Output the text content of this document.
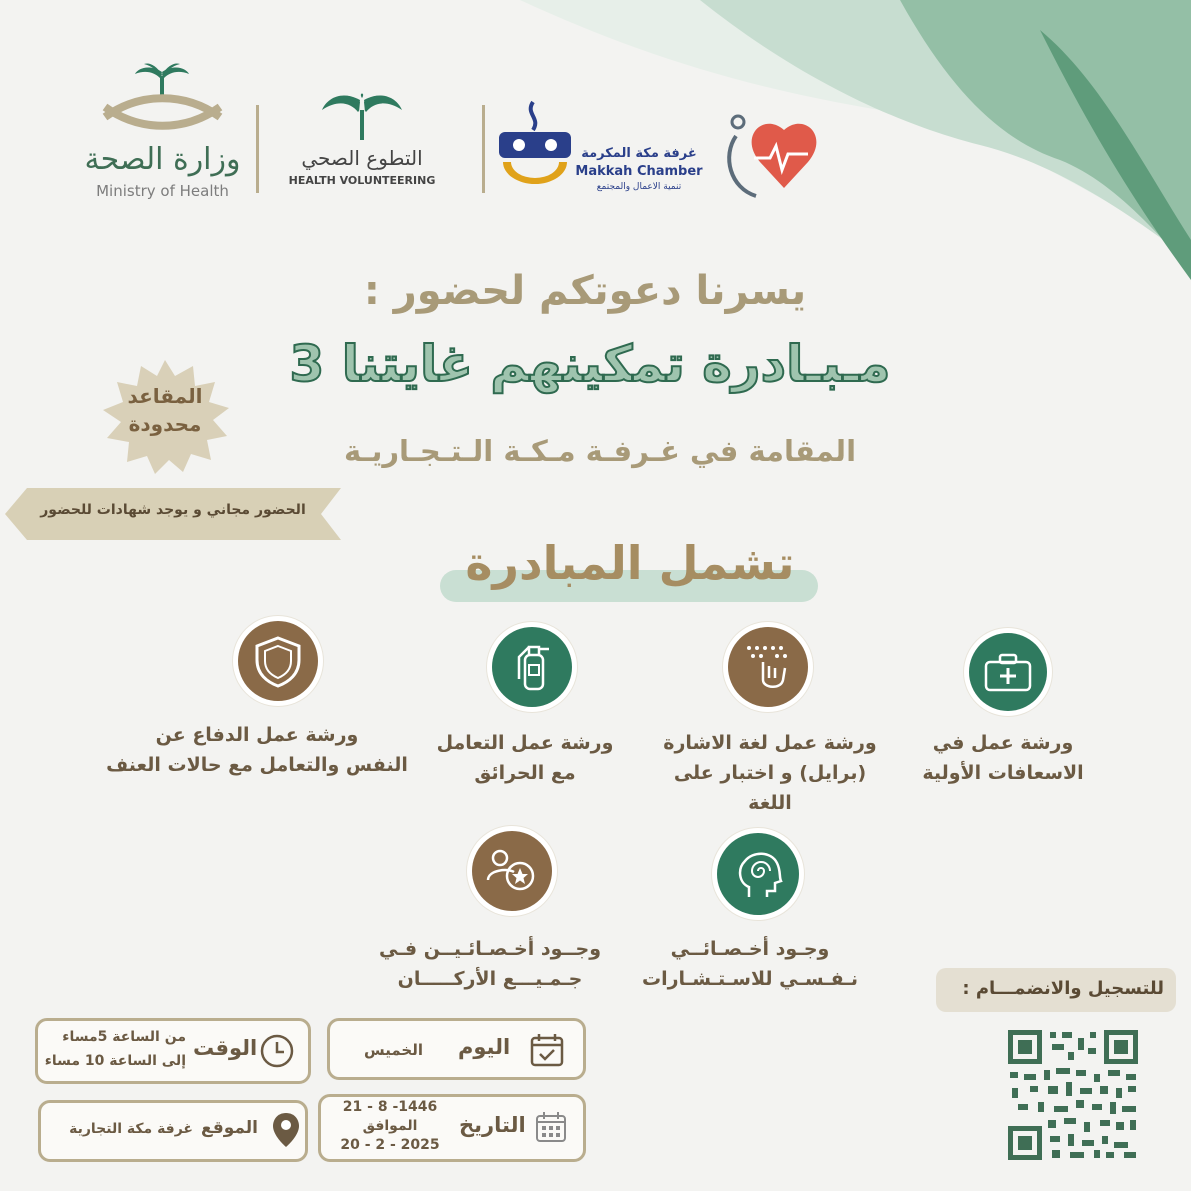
وزارة الصحة
Ministry of Health
التطوع الصحي
HEALTH VOLUNTEERING
غرفة مكة المكرمة
Makkah Chamber
تنمية الاعمال والمجتمع
يسرنا دعوتكم لحضور :
مـبـادرة تمكينهم غايتنا 3
المقامة في غـرفـة مـكـة الـتـجـاريـة
المقاعد
محدودة
الحضور مجاني و يوجد شهادات للحضور
تشمل المبادرة
ورشة عمل في
الاسعافات الأولية
ورشة عمل لغة الاشارة
(برايل) و اختبار على
اللغة
ورشة عمل التعامل
مع الحرائق
ورشة عمل الدفاع عن
النفس والتعامل مع حالات العنف
وجـود أخـصـائــي
نـفـسـي للاسـتـشـارات
وجــود أخـصـائـيــن فـي
جـمـيـــع الأركـــــان	للتسجيل والانضمـــام :
اليوم
الخميس
الوقت
من الساعة 5مساء
إلى الساعة 10 مساء
التاريخ
21 - 8 -1446
الموافق
20 - 2 - 2025
الموقع
غرفة مكة التجارية
